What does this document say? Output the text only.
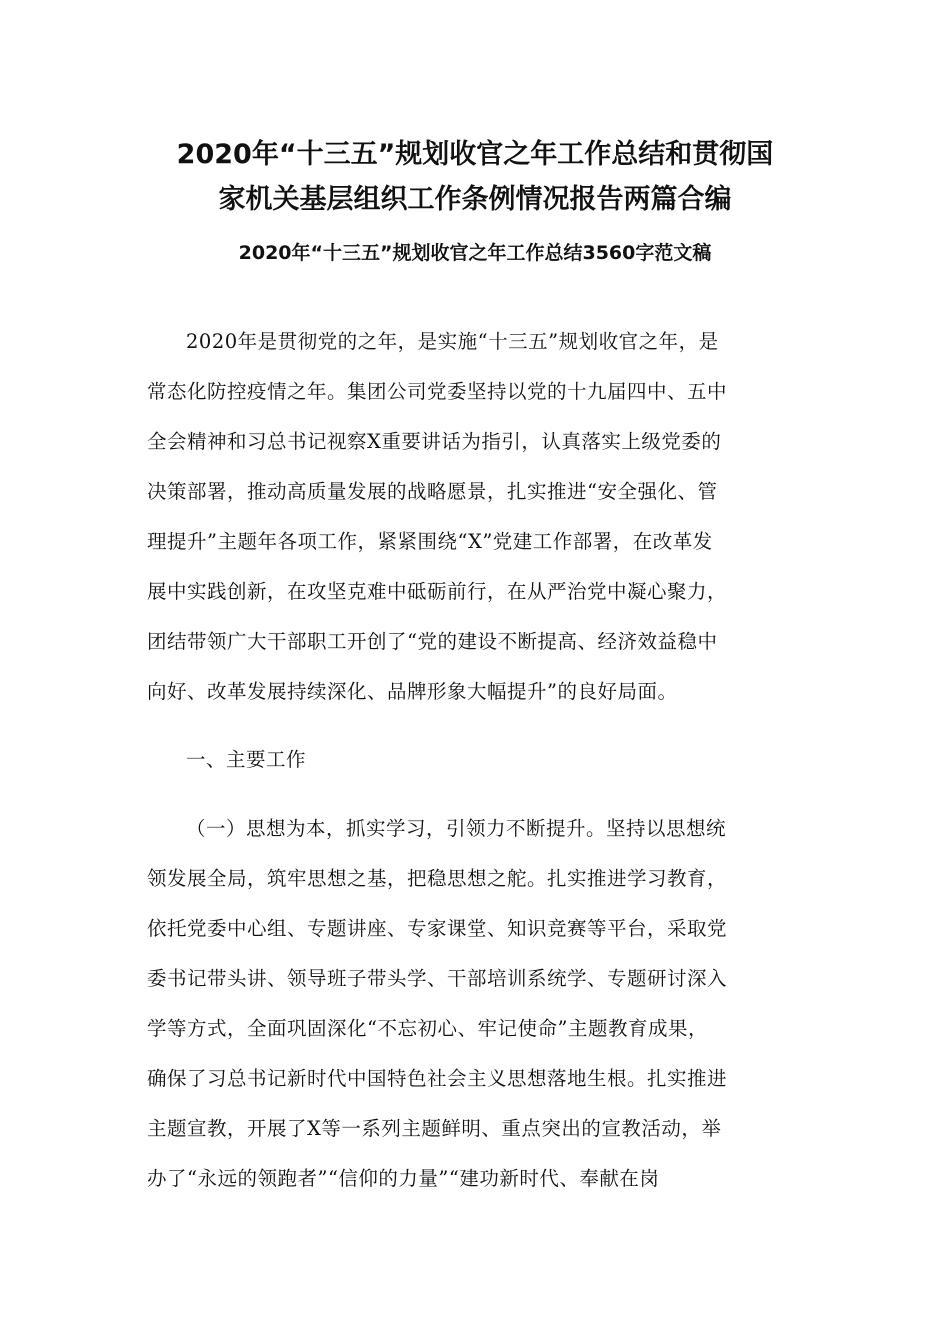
2020年“十三五”规划收官之年工作总结和贯彻国
家机关基层组织工作条例情况报告两篇合编
2020年“十三五”规划收官之年工作总结3560字范文稿

2020年是贯彻党的之年，是实施“十三五”规划收官之年，是

常态化防控疫情之年。集团公司党委坚持以党的十九届四中、五中

全会精神和习总书记视察X重要讲话为指引，认真落实上级党委的

决策部署，推动高质量发展的战略愿景，扎实推进“安全强化、管

理提升”主题年各项工作，紧紧围绕“X”党建工作部署，在改革发

展中实践创新，在攻坚克难中砥砺前行，在从严治党中凝心聚力，

团结带领广大干部职工开创了“党的建设不断提高、经济效益稳中

向好、改革发展持续深化、品牌形象大幅提升”的良好局面。

一、主要工作

（一）思想为本，抓实学习，引领力不断提升。坚持以思想统

领发展全局，筑牢思想之基，把稳思想之舵。扎实推进学习教育，

依托党委中心组、专题讲座、专家课堂、知识竞赛等平台，采取党

委书记带头讲、领导班子带头学、干部培训系统学、专题研讨深入

学等方式，全面巩固深化“不忘初心、牢记使命”主题教育成果，

确保了习总书记新时代中国特色社会主义思想落地生根。扎实推进

主题宣教，开展了X等一系列主题鲜明、重点突出的宣教活动，举

办了“永远的领跑者”“信仰的力量”“建功新时代、奉献在岗
